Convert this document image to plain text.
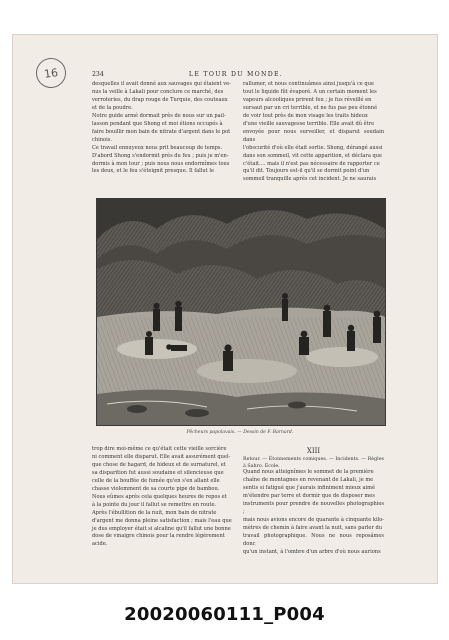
16	234	LE TOUR DU MONDE.

desquelles il avait donné aux sauvages qui étaient ve-

nus la veille à Lakali pour conclure ce marché, des

verroteries, du drap rouge de Turquie, des couteaux

et de la poudre.

Notre guide armé dormait près de nous sur un pail-

lasson pendant que Shong et moi étions occupés à

faire bouillir mon bain de nitrate d'argent dans le pot

chinois.

Ce travail ennuyeux nous prit beaucoup de temps.

D'abord Shong s'endormit près du feu ; puis je m'en-

dormis à mon tour ; puis nous nous endormîmes tous

les deux, et le feu s'éteignit presque. Il fallut le

rallumer, et nous continuâmes ainsi jusqu'à ce que

tout le liquide fût évaporé. A un certain moment les

vapeurs alcooliques prirent feu ; je fus réveillé en

sursaut par un cri terrible, et ne fus pas peu étonné

de voir tout près de mon visage les traits hideux

d'une vieille sauvagesse terrible. Elle avait dû être

envoyée pour nous surveiller, et disparut soudain dans

l'obscurité d'où elle était sortie. Shong, dérangé aussi

dans son sommeil, vit cette apparition, et déclara que

c'était.... mais il n'est pas nécessaire de rapporter ce

qu'il dit. Toujours est-il qu'il se dormit point d'un

sommeil tranquille après cet incident. Je ne saurais

Pêcheurs papolavais. — Dessin de F. Barnard.

trop dire moi-même ce qu'était cette vieille sorcière

ni comment elle disparut. Elle avait assurément quel-

que chose de hagard, de hideux et de surnaturel, et

sa disparition fut aussi soudaine et silencieuse que

celle de la bouffée de fumée qu'en s'en allant elle

chasse violemment de sa courte pipe de bambou.

Nous eûmes après cela quelques heures de repos et

à la pointe du jour il fallut se remettre en route.

Après l'ébullition de la nuit, mon bain de nitrate

d'argent me donna pleine satisfaction ; mais l'eau que

je dus employer était si alcaline qu'il fallut une bonne

dose de vinaigre chinois pour la rendre légèrement

acide.

XIII
Retour. — Étonnements comiques. — Incidents. — Règles à Sahro. École.

Quand nous atteignîmes le sommet de la première

chaîne de montagnes en revenant de Lakali, je me

sentis si fatigué que j'aurais infiniment mieux aimé

m'étendre par terre et dormir que de disposer mes

instruments pour prendre de nouvelles photographies ;

mais nous avions encore de quarante à cinquante kilo-

mètres de chemin à faire avant la nuit, sans parler du

travail photographique. Nous ne nous reposâmes donc

qu'un instant, à l'ombre d'un arbre d'où nous aurions

20020060111_P004
